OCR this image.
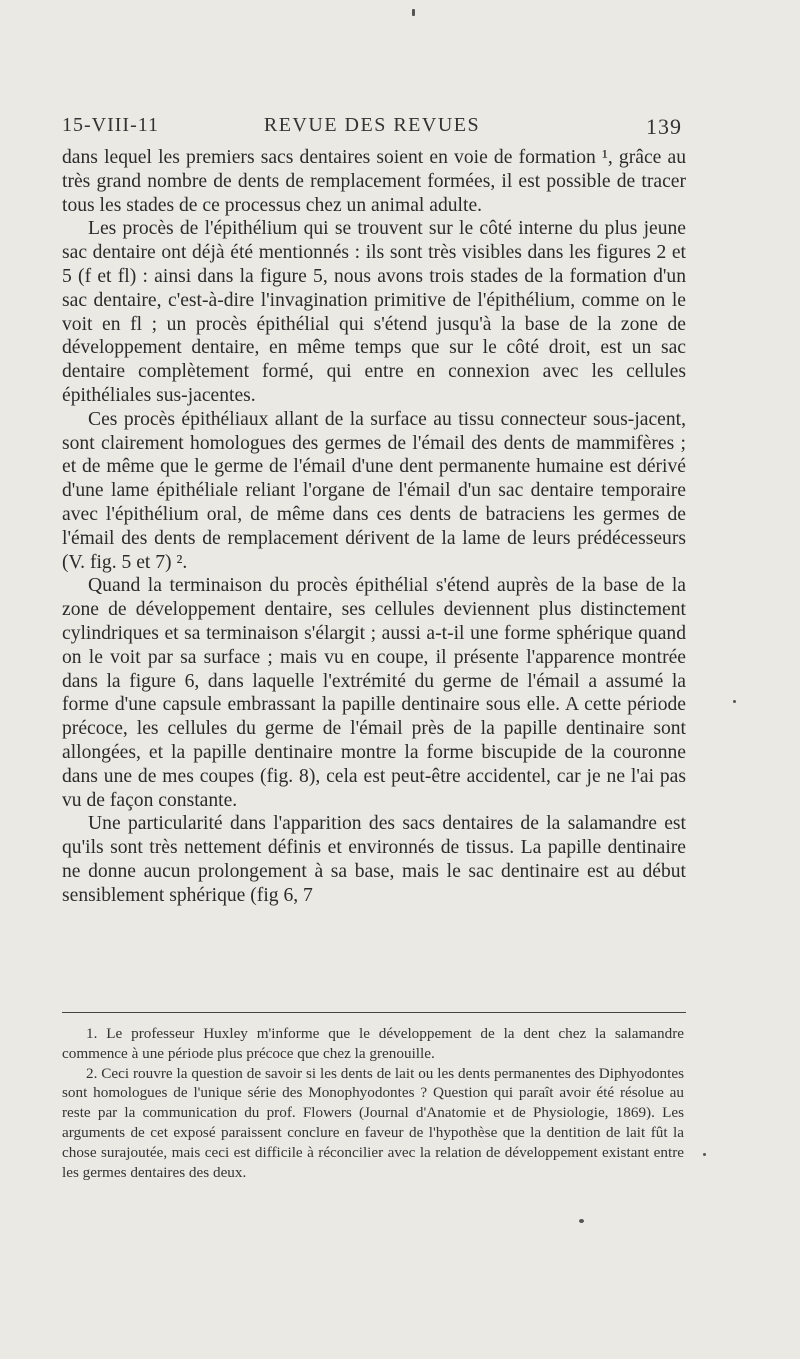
15-VIII-11	REVUE DES REVUES	139

dans lequel les premiers sacs dentaires soient en voie de formation ¹, grâce au très grand nombre de dents de remplacement formées, il est possible de tracer tous les stades de ce processus chez un animal adulte.

Les procès de l'épithélium qui se trouvent sur le côté interne du plus jeune sac dentaire ont déjà été mentionnés : ils sont très visibles dans les figures 2 et 5 (f et fl) : ainsi dans la figure 5, nous avons trois stades de la formation d'un sac dentaire, c'est-à-dire l'invagination primitive de l'épithélium, comme on le voit en fl ; un procès épithélial qui s'étend jusqu'à la base de la zone de développement dentaire, en même temps que sur le côté droit, est un sac dentaire complètement formé, qui entre en connexion avec les cellules épithéliales sus-jacentes.

Ces procès épithéliaux allant de la surface au tissu connecteur sous-jacent, sont clairement homologues des germes de l'émail des dents de mammifères ; et de même que le germe de l'émail d'une dent permanente humaine est dérivé d'une lame épithéliale reliant l'organe de l'émail d'un sac dentaire temporaire avec l'épithélium oral, de même dans ces dents de batraciens les germes de l'émail des dents de remplacement dérivent de la lame de leurs prédécesseurs (V. fig. 5 et 7) ².

Quand la terminaison du procès épithélial s'étend auprès de la base de la zone de développement dentaire, ses cellules deviennent plus distinctement cylindriques et sa terminaison s'élargit ; aussi a-t-il une forme sphérique quand on le voit par sa surface ; mais vu en coupe, il présente l'apparence montrée dans la figure 6, dans laquelle l'extrémité du germe de l'émail a assumé la forme d'une capsule embrassant la papille dentinaire sous elle. A cette période précoce, les cellules du germe de l'émail près de la papille dentinaire sont allongées, et la papille dentinaire montre la forme biscupide de la couronne dans une de mes coupes (fig. 8), cela est peut-être accidentel, car je ne l'ai pas vu de façon constante.

Une particularité dans l'apparition des sacs dentaires de la salamandre est qu'ils sont très nettement définis et environnés de tissus. La papille dentinaire ne donne aucun prolongement à sa base, mais le sac dentinaire est au début sensiblement sphérique (fig 6, 7

1. Le professeur Huxley m'informe que le développement de la dent chez la salamandre commence à une période plus précoce que chez la grenouille.

2. Ceci rouvre la question de savoir si les dents de lait ou les dents permanentes des Diphyodontes sont homologues de l'unique série des Monophyodontes ? Question qui paraît avoir été résolue au reste par la communication du prof. Flowers (Journal d'Anatomie et de Physiologie, 1869). Les arguments de cet exposé paraissent conclure en faveur de l'hypothèse que la dentition de lait fût la chose surajoutée, mais ceci est difficile à réconcilier avec la relation de développement existant entre les germes dentaires des deux.
